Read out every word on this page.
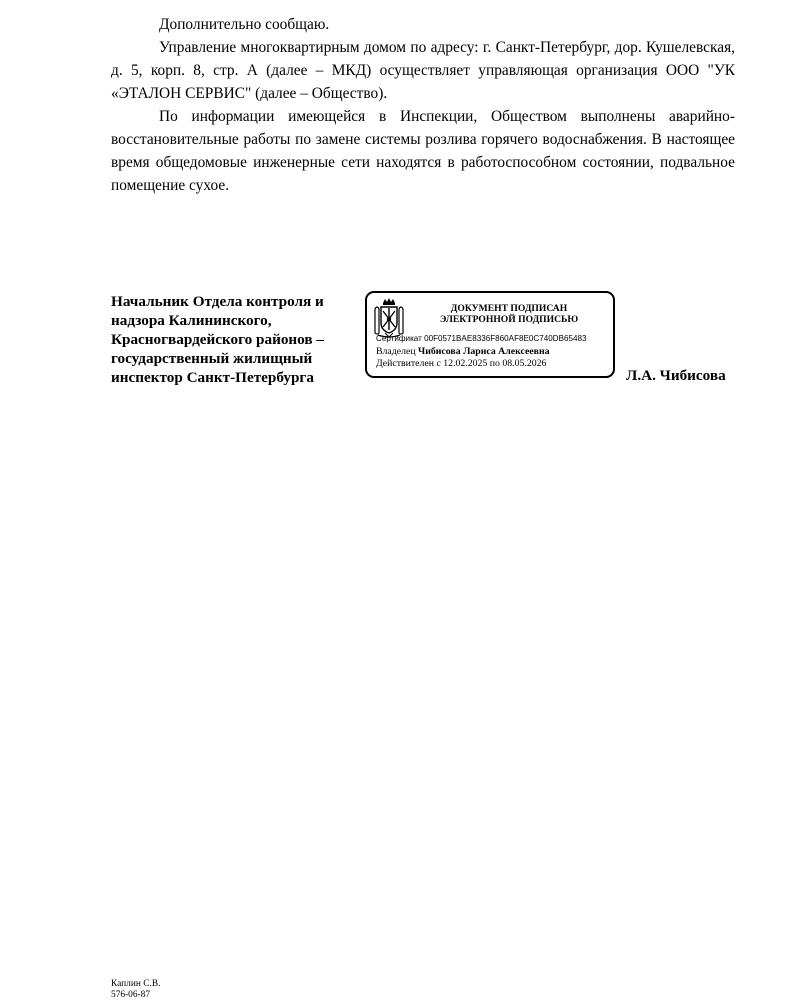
Дополнительно сообщаю.

Управление многоквартирным домом по адресу: г. Санкт-Петербург, дор. Кушелевская, д. 5, корп. 8, стр. А (далее – МКД) осуществляет управляющая организация ООО "УК «ЭТАЛОН СЕРВИС" (далее – Общество).

По информации имеющейся в Инспекции, Обществом выполнены аварийно-восстановительные работы по замене системы розлива горячего водоснабжения. В настоящее время общедомовые инженерные сети находятся в работоспособном состоянии, подвальное помещение сухое.

Начальник Отдела контроля и
надзора Калининского,
Красногвардейского районов –
государственный жилищный
инспектор Санкт-Петербурга
ДОКУМЕНТ ПОДПИСАН
ЭЛЕКТРОННОЙ ПОДПИСЬЮ
Сертификат 00F0571BAE8336F860AF8E0C740DB65483
Владелец Чибисова Лариса Алексеевна
Действителен с 12.02.2025 по 08.05.2026
Л.А. Чибисова
Каплин С.В.
576-06-87
